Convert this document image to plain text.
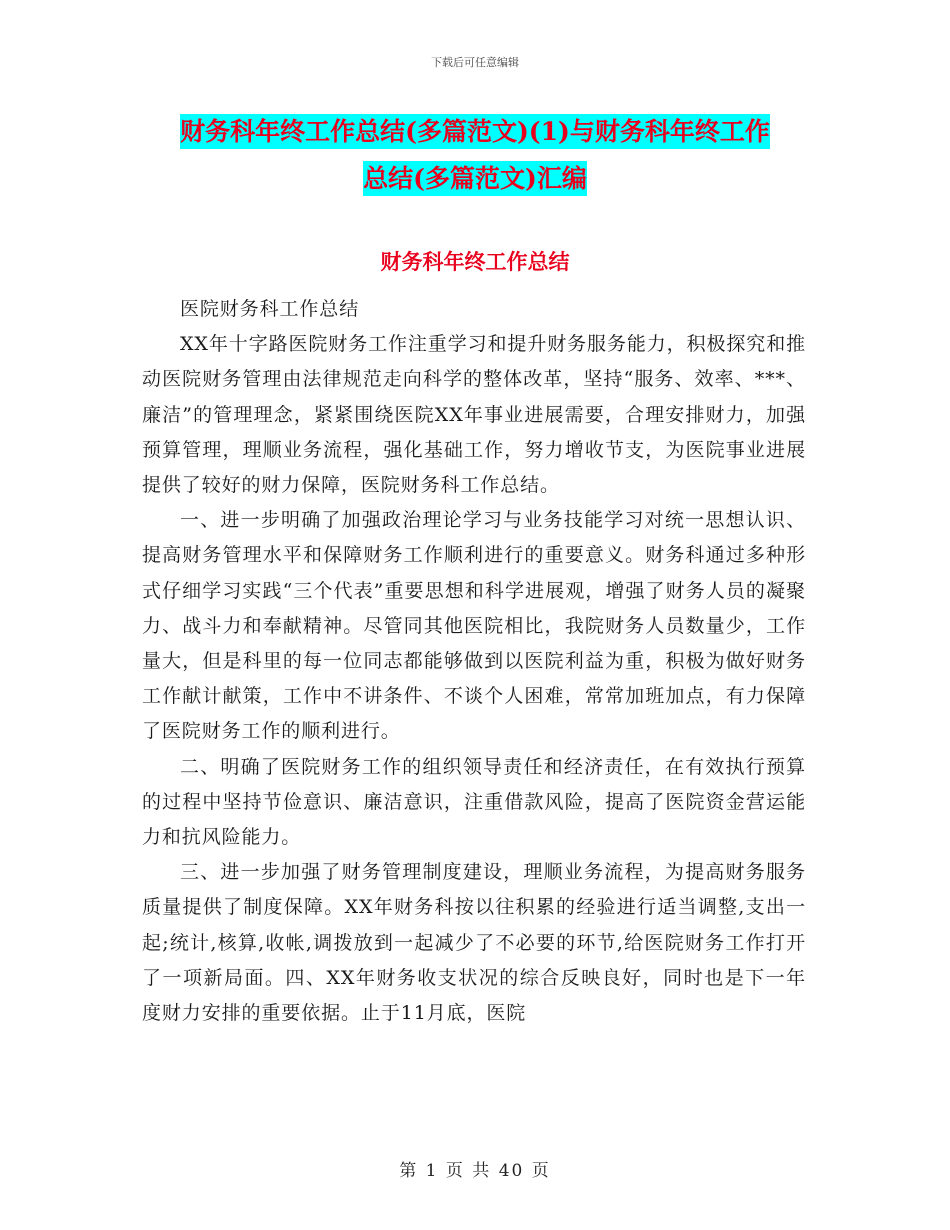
下载后可任意编辑
财务科年终工作总结(多篇范文)(1)与财务科年终工作
总结(多篇范文)汇编
财务科年终工作总结

医院财务科工作总结

XX年十字路医院财务工作注重学习和提升财务服务能力，积极探究和推动医院财务管理由法律规范走向科学的整体改革，坚持“服务、效率、***、廉洁”的管理理念，紧紧围绕医院XX年事业进展需要，合理安排财力，加强预算管理，理顺业务流程，强化基础工作，努力增收节支，为医院事业进展提供了较好的财力保障，医院财务科工作总结。

一、进一步明确了加强政治理论学习与业务技能学习对统一思想认识、提高财务管理水平和保障财务工作顺利进行的重要意义。财务科通过多种形式仔细学习实践“三个代表”重要思想和科学进展观，增强了财务人员的凝聚力、战斗力和奉献精神。尽管同其他医院相比，我院财务人员数量少，工作量大，但是科里的每一位同志都能够做到以医院利益为重，积极为做好财务工作献计献策，工作中不讲条件、不谈个人困难，常常加班加点，有力保障了医院财务工作的顺利进行。

二、明确了医院财务工作的组织领导责任和经济责任，在有效执行预算的过程中坚持节俭意识、廉洁意识，注重借款风险，提高了医院资金营运能力和抗风险能力。

三、进一步加强了财务管理制度建设，理顺业务流程，为提高财务服务质量提供了制度保障。XX年财务科按以往积累的经验进行适当调整,支出一起;统计,核算,收帐,调拨放到一起减少了不必要的环节,给医院财务工作打开了一项新局面。四、XX年财务收支状况的综合反映良好，同时也是下一年度财力安排的重要依据。止于11月底，医院

第 1 页 共 40 页
